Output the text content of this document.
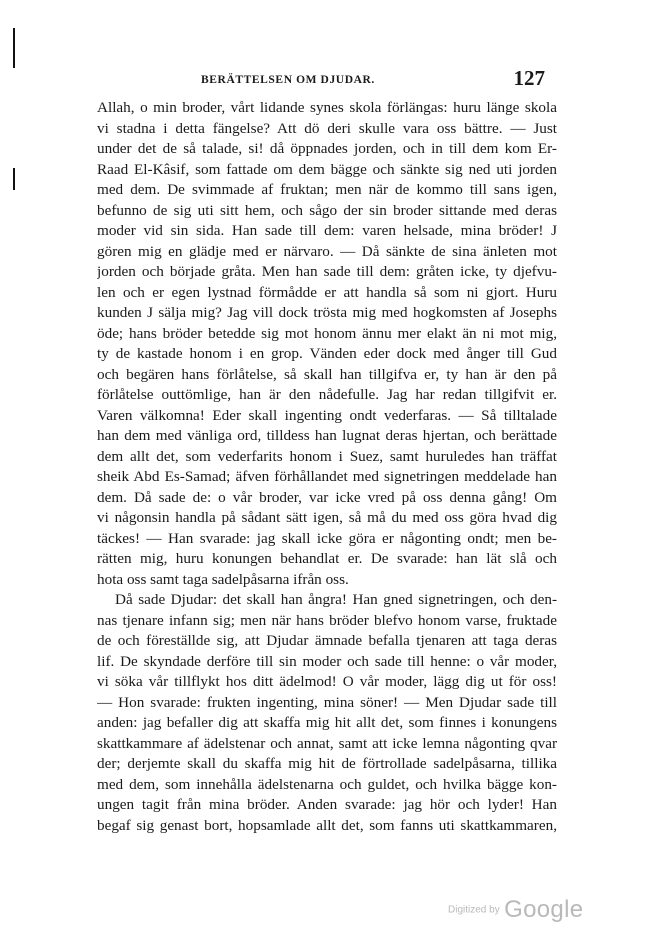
BERÄTTELSEN OM DJUDAR.	127
Allah, o min broder, vårt lidande synes skola förlängas: huru länge skola
vi stadna i detta fängelse? Att dö deri skulle vara oss bättre. — Just
under det de så talade, si! då öppnades jorden, och in till dem kom Er-
Raad El-Kâsif, som fattade om dem bägge och sänkte sig ned uti jorden
med dem. De svimmade af fruktan; men när de kommo till sans igen,
befunno de sig uti sitt hem, och sågo der sin broder sittande med deras
moder vid sin sida. Han sade till dem: varen helsade, mina bröder! J
gören mig en glädje med er närvaro. — Då sänkte de sina änleten mot
jorden och började gråta. Men han sade till dem: gråten icke, ty djefvu-
len och er egen lystnad förmådde er att handla så som ni gjort. Huru
kunden J sälja mig? Jag vill dock trösta mig med hogkomsten af Josephs
öde; hans bröder betedde sig mot honom ännu mer elakt än ni mot mig,
ty de kastade honom i en grop. Vänden eder dock med ånger till Gud
och begären hans förlåtelse, så skall han tillgifva er, ty han är den på
förlåtelse outtömlige, han är den nådefulle. Jag har redan tillgifvit er.
Varen välkomna! Eder skall ingenting ondt vederfaras. — Så tilltalade
han dem med vänliga ord, tilldess han lugnat deras hjertan, och berättade
dem allt det, som vederfarits honom i Suez, samt huruledes han träffat
sheik Abd Es-Samad; äfven förhållandet med signetringen meddelade han
dem. Då sade de: o vår broder, var icke vred på oss denna gång! Om
vi någonsin handla på sådant sätt igen, så må du med oss göra hvad dig
täckes! — Han svarade: jag skall icke göra er någonting ondt; men be-
rätten mig, huru konungen behandlat er. De svarade: han lät slå och
hota oss samt taga sadelpåsarna ifrån oss.
Då sade Djudar: det skall han ångra! Han gned signetringen, och den-
nas tjenare infann sig; men när hans bröder blefvo honom varse, fruktade
de och föreställde sig, att Djudar ämnade befalla tjenaren att taga deras
lif. De skyndade derföre till sin moder och sade till henne: o vår moder,
vi söka vår tillflykt hos ditt ädelmod! O vår moder, lägg dig ut för oss!
— Hon svarade: frukten ingenting, mina söner! — Men Djudar sade till
anden: jag befaller dig att skaffa mig hit allt det, som finnes i konungens
skattkammare af ädelstenar och annat, samt att icke lemna någonting qvar
der; derjemte skall du skaffa mig hit de förtrollade sadelpåsarna, tillika
med dem, som innehålla ädelstenarna och guldet, och hvilka bägge kon-
ungen tagit från mina bröder. Anden svarade: jag hör och lyder! Han
begaf sig genast bort, hopsamlade allt det, som fanns uti skattkammaren,
Digitized by Google
